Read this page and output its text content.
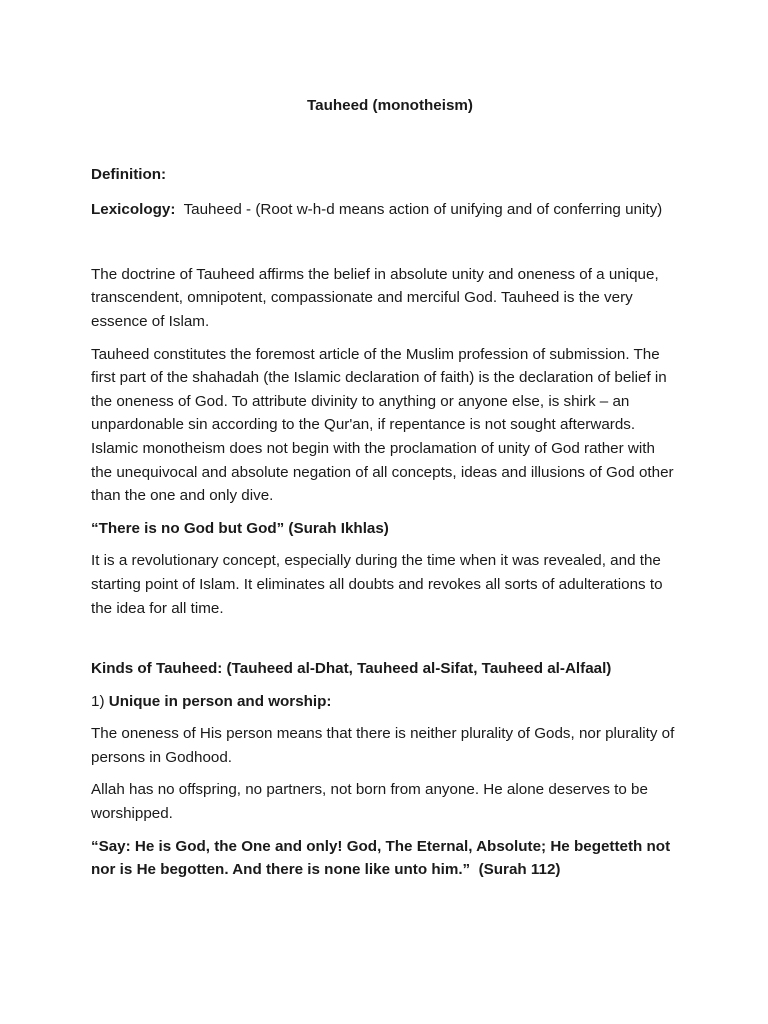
Tauheed (monotheism)

Definition:

Lexicology:  Tauheed - (Root w-h-d means action of unifying and of conferring unity)

The doctrine of Tauheed affirms the belief in absolute unity and oneness of a unique, transcendent, omnipotent, compassionate and merciful God. Tauheed is the very essence of Islam.

Tauheed constitutes the foremost article of the Muslim profession of submission. The first part of the shahadah (the Islamic declaration of faith) is the declaration of belief in the oneness of God. To attribute divinity to anything or anyone else, is shirk – an unpardonable sin according to the Qur'an, if repentance is not sought afterwards. Islamic monotheism does not begin with the proclamation of unity of God rather with the unequivocal and absolute negation of all concepts, ideas and illusions of God other than the one and only dive.

“There is no God but God” (Surah Ikhlas)

It is a revolutionary concept, especially during the time when it was revealed, and the starting point of Islam. It eliminates all doubts and revokes all sorts of adulterations to the idea for all time.

Kinds of Tauheed: (Tauheed al-Dhat, Tauheed al-Sifat, Tauheed al-Alfaal)

1) Unique in person and worship:

The oneness of His person means that there is neither plurality of Gods, nor plurality of persons in Godhood.

Allah has no offspring, no partners, not born from anyone. He alone deserves to be worshipped.

“Say: He is God, the One and only! God, The Eternal, Absolute; He begetteth not nor is He begotten. And there is none like unto him.”  (Surah 112)
